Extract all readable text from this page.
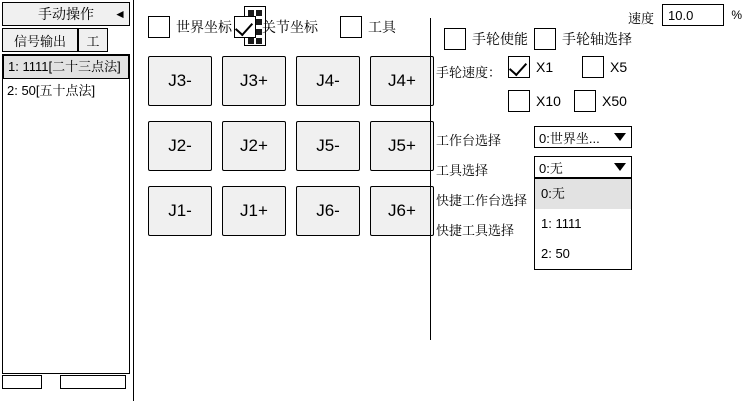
手动操作 ◄
信号输出 工
1: 1111[二十三点法]
2: 50[五十点法]
世界坐标 关节坐标	工具
速度
10.0	%
J3-	J3+	J4-	J4+
J2-	J2+	J5-	J5+
J1-	J1+	J6-	J6+
手轮使能 手轮轴选择
手轮速度： X1	X5
X10	X50
工作台选择	0:世界坐...
工具选择	0:无
快捷工作台选择
快捷工具选择
0:无
1: 1111
2: 50
